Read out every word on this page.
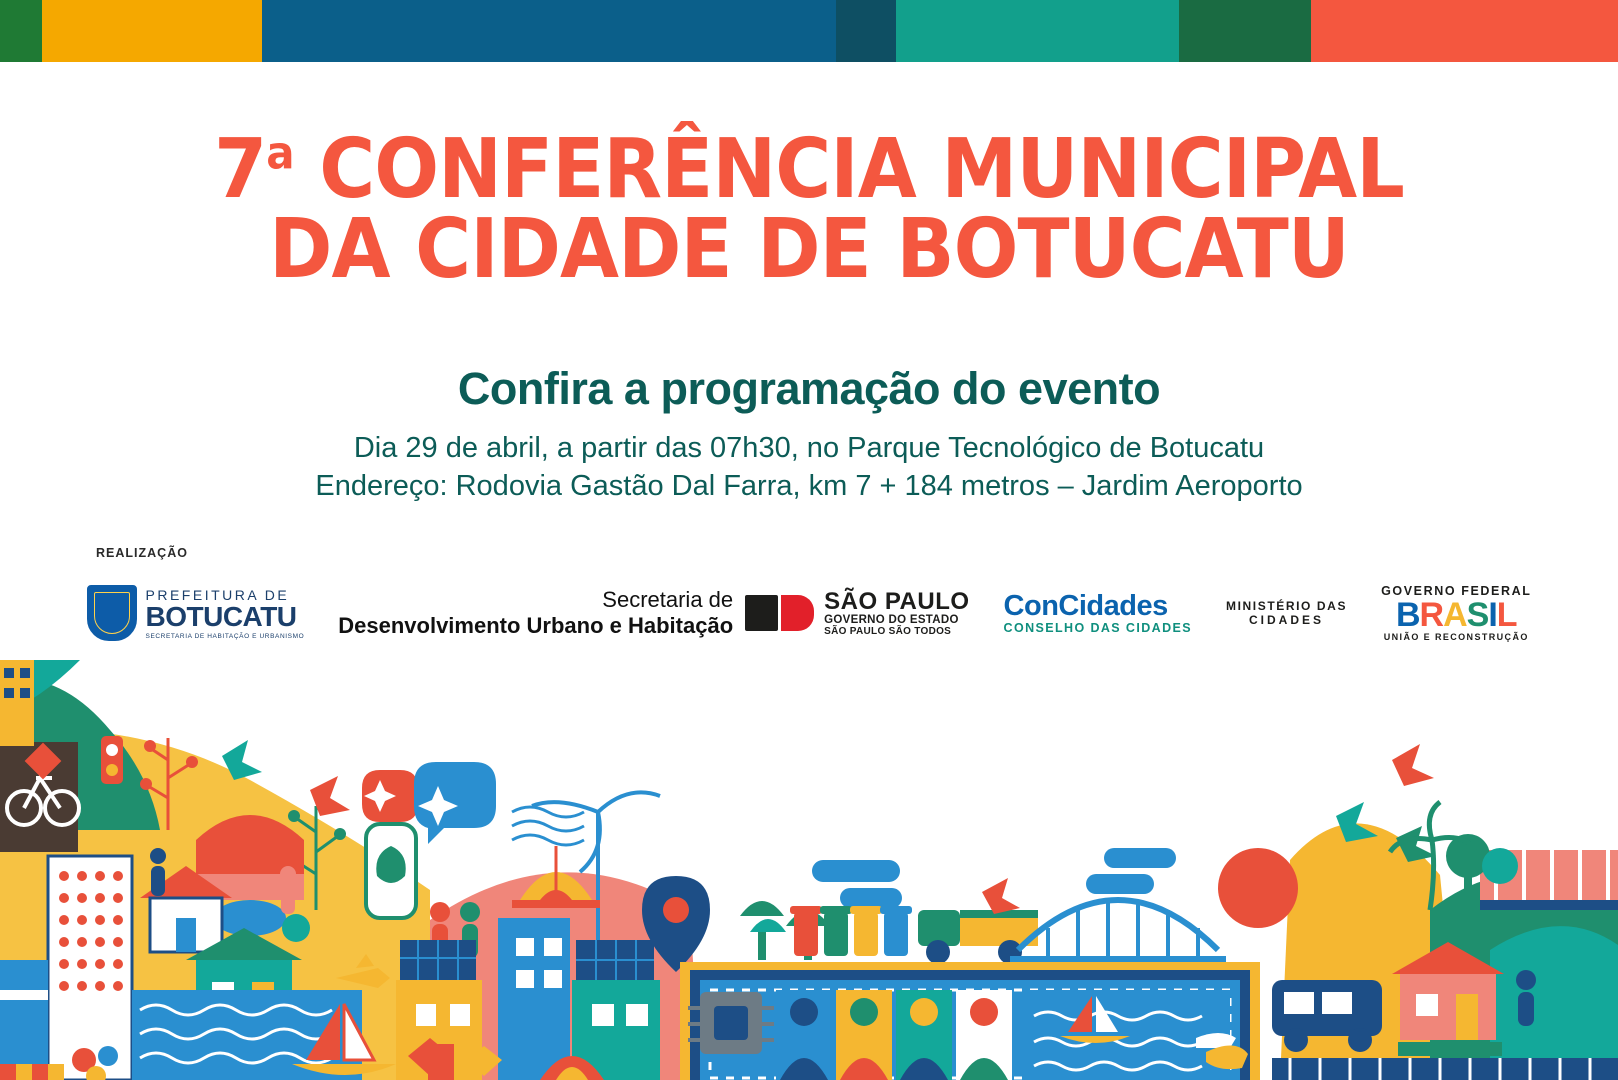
7$^a$ CONFERÊNCIA MUNICIPAL
DA CIDADE DE BOTUCATU
Confira a programação do evento
Dia 29 de abril, a partir das 07h30, no Parque Tecnológico de Botucatu
Endereço: Rodovia Gastão Dal Farra, km 7 + 184 metros – Jardim Aeroporto
REALIZAÇÃO
PREFEITURA DE
BOTUCATU
SECRETARIA DE HABITAÇÃO E URBANISMO
Secretaria de
Desenvolvimento Urbano e Habitação
SÃO PAULO
GOVERNO DO ESTADO
SÃO PAULO SÃO TODOS
ConCidades
CONSELHO DAS CIDADES
MINISTÉRIO DAS
CIDADES
GOVERNO FEDERAL
B R A S I L
UNIÃO E RECONSTRUÇÃO
